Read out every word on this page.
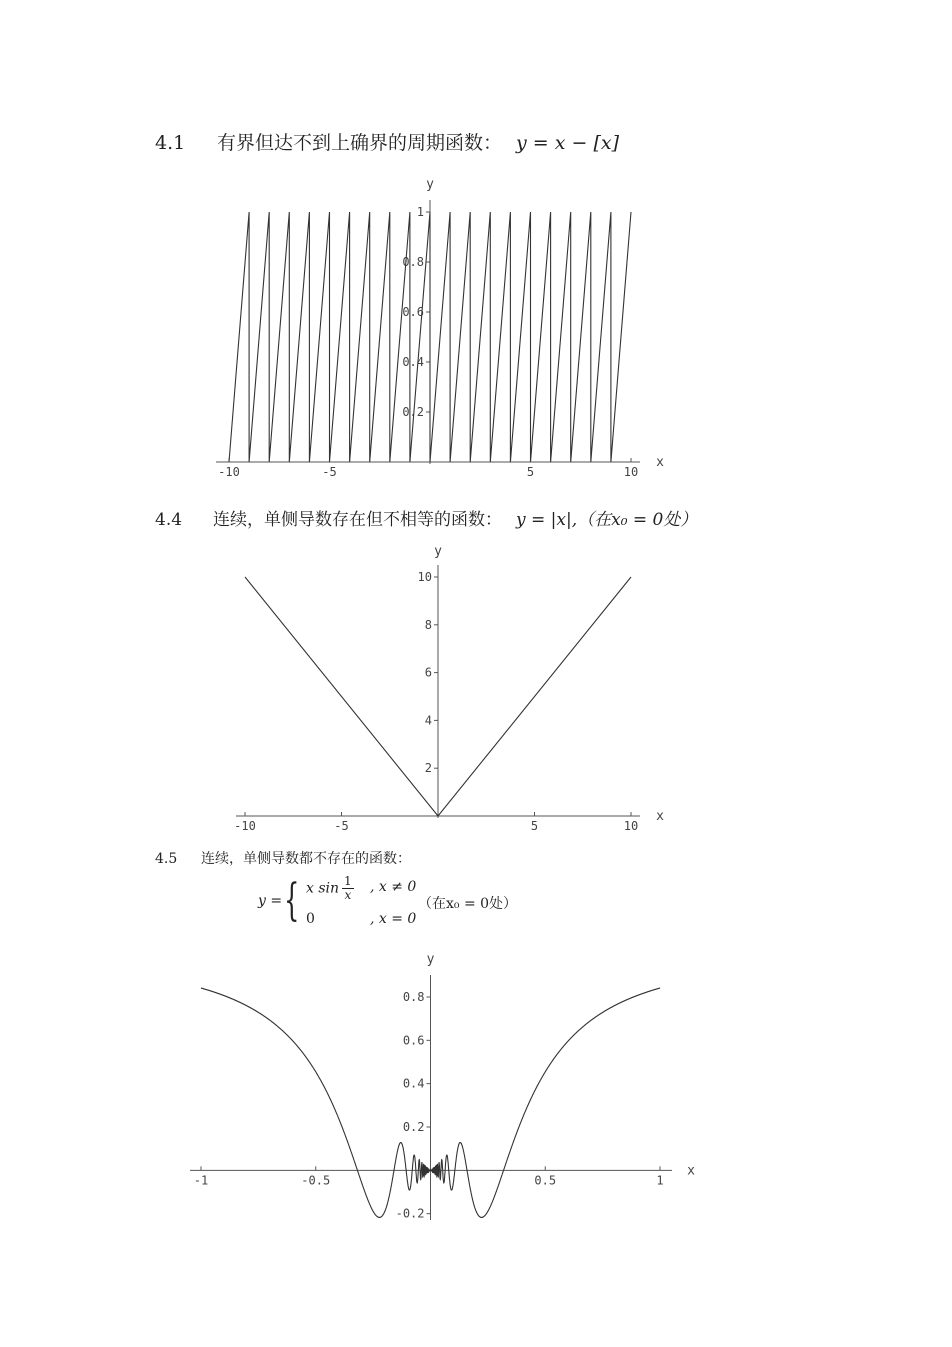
4.1 有界但达不到上确界的周期函数： y = x − [x]
4.4 连续，单侧导数存在但不相等的函数： y = |x|,（在x₀ = 0处）
4.5 连续，单侧导数都不存在的函数：
y = { x $\sin \frac{1}{x}$ , x ≠ 0
0	, x = 0
（在x₀ = 0处）
x
y
-10	-5	5	10
0.2
0.4
0.6
0.8
1
x
y
-10	-5	5	10
2
4
6
8
10
x
y
-1	-0.5	0.5	1
-0.2
0.2
0.4
0.6
0.8
